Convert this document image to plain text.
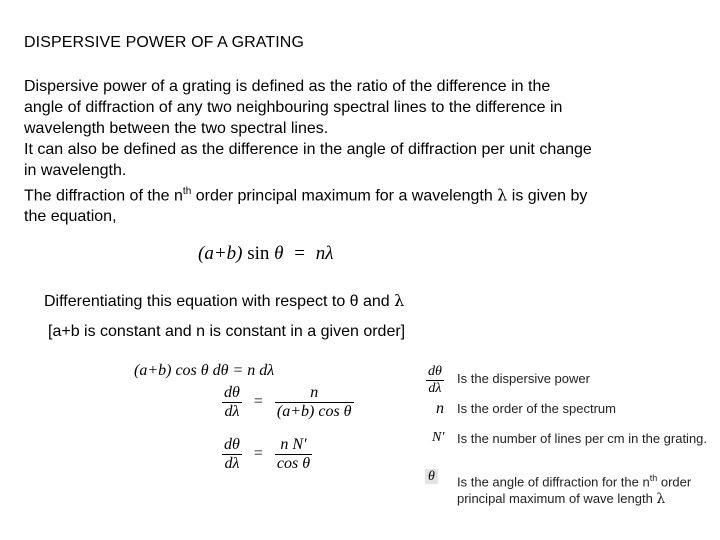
DISPERSIVE POWER OF A GRATING

Dispersive power of a grating is defined as the ratio of the difference in the

angle of diffraction of any two neighbouring spectral lines to the difference in

wavelength between the two spectral lines.

It can also be defined as the difference in the angle of diffraction per unit change

in wavelength.

The diffraction of the $n^{th}$ order principal maximum for a wavelength λ is given by

the equation,

(a+b) sin θ = nλ
Differentiating this equation with respect to θ and λ
[a+b is constant and n is constant in a given order]
(a+b) cos θ dθ = n dλ
$\frac{d\theta}{d\lambda} = \frac{n}{\text{(a+b) cos θ}}$
$\frac{d\theta}{d\lambda} = \frac{\text{n N′}}{\text{cos θ}}$
$\frac{d\theta}{d\lambda}$ Is the dispersive power
n Is the order of the spectrum
N′ Is the number of lines per cm in the grating.
θ Is the angle of diffraction for the $n^{th}$ order principal maximum of wave length λ
